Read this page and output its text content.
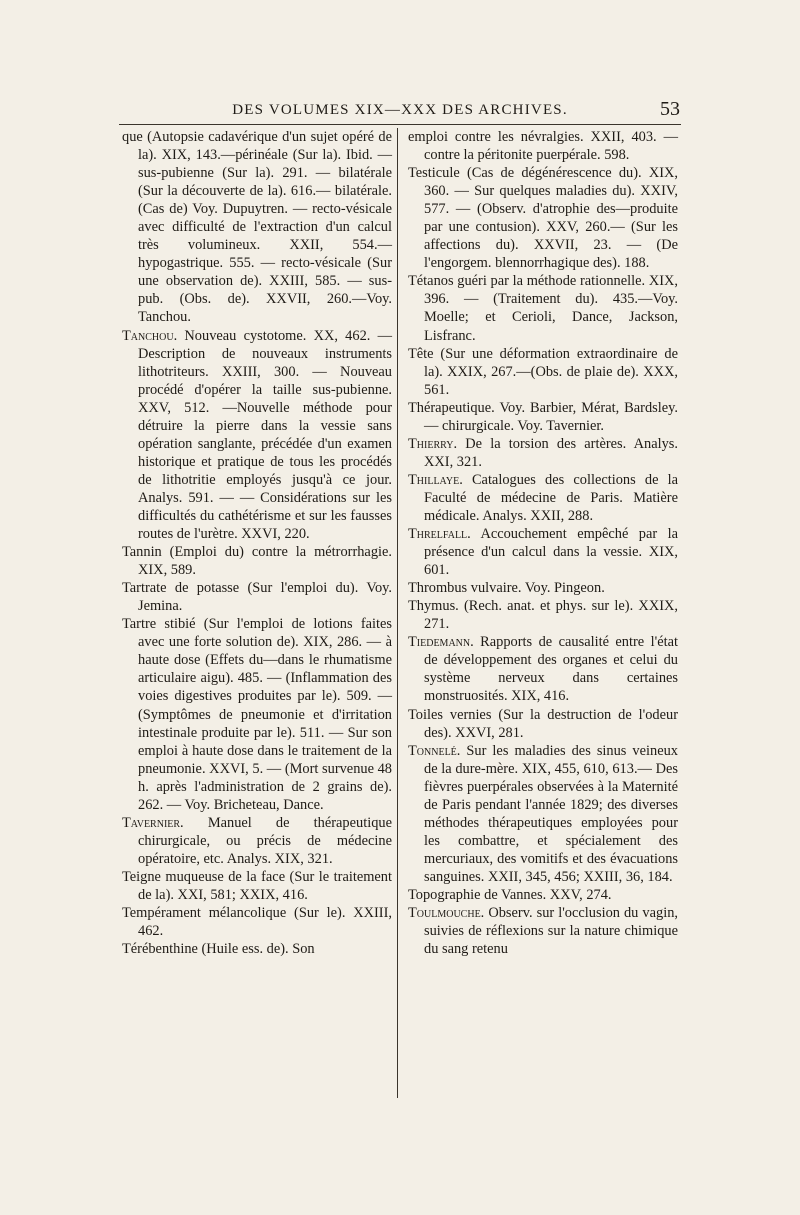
DES VOLUMES XIX—XXX DES ARCHIVES.	53

que (Autopsie cadavérique d'un sujet opéré de la). XIX, 143.—périnéale (Sur la). Ibid. — sus-pubienne (Sur la). 291. — bilatérale (Sur la découverte de la). 616.— bilatérale. (Cas de) Voy. Dupuytren. — recto-vésicale avec difficulté de l'extraction d'un calcul très volumineux. XXII, 554.— hypogastrique. 555. — recto-vésicale (Sur une observation de). XXIII, 585. — sus-pub. (Obs. de). XXVII, 260.—Voy. Tanchou.

Tanchou. Nouveau cystotome. XX, 462. — Description de nouveaux instruments lithotriteurs. XXIII, 300. — Nouveau procédé d'opérer la taille sus-pubienne. XXV, 512. —Nouvelle méthode pour détruire la pierre dans la vessie sans opération sanglante, précédée d'un examen historique et pratique de tous les procédés de lithotritie employés jusqu'à ce jour. Analys. 591. — — Considérations sur les difficultés du cathétérisme et sur les fausses routes de l'urètre. XXVI, 220.

Tannin (Emploi du) contre la métrorrhagie. XIX, 589.

Tartrate de potasse (Sur l'emploi du). Voy. Jemina.

Tartre stibié (Sur l'emploi de lotions faites avec une forte solution de). XIX, 286. — à haute dose (Effets du—dans le rhumatisme articulaire aigu). 485. — (Inflammation des voies digestives produites par le). 509. — (Symptômes de pneumonie et d'irritation intestinale produite par le). 511. — Sur son emploi à haute dose dans le traitement de la pneumonie. XXVI, 5. — (Mort survenue 48 h. après l'administration de 2 grains de). 262. — Voy. Bricheteau, Dance.

Tavernier. Manuel de thérapeutique chirurgicale, ou précis de médecine opératoire, etc. Analys. XIX, 321.

Teigne muqueuse de la face (Sur le traitement de la). XXI, 581; XXIX, 416.

Tempérament mélancolique (Sur le). XXIII, 462.

Térébenthine (Huile ess. de). Son

emploi contre les névralgies. XXII, 403. — contre la péritonite puerpérale. 598.

Testicule (Cas de dégénérescence du). XIX, 360. — Sur quelques maladies du). XXIV, 577. — (Observ. d'atrophie des—produite par une contusion). XXV, 260.— (Sur les affections du). XXVII, 23. — (De l'engorgem. blennorrhagique des). 188.

Tétanos guéri par la méthode rationnelle. XIX, 396. — (Traitement du). 435.—Voy. Moelle; et Cerioli, Dance, Jackson, Lisfranc.

Tête (Sur une déformation extraordinaire de la). XXIX, 267.—(Obs. de plaie de). XXX, 561.

Thérapeutique. Voy. Barbier, Mérat, Bardsley. — chirurgicale. Voy. Tavernier.

Thierry. De la torsion des artères. Analys. XXI, 321.

Thillaye. Catalogues des collections de la Faculté de médecine de Paris. Matière médicale. Analys. XXII, 288.

Threlfall. Accouchement empêché par la présence d'un calcul dans la vessie. XIX, 601.

Thrombus vulvaire. Voy. Pingeon.

Thymus. (Rech. anat. et phys. sur le). XXIX, 271.

Tiedemann. Rapports de causalité entre l'état de développement des organes et celui du système nerveux dans certaines monstruosités. XIX, 416.

Toiles vernies (Sur la destruction de l'odeur des). XXVI, 281.

Tonnelé. Sur les maladies des sinus veineux de la dure-mère. XIX, 455, 610, 613.— Des fièvres puerpérales observées à la Maternité de Paris pendant l'année 1829; des diverses méthodes thérapeutiques employées pour les combattre, et spécialement des mercuriaux, des vomitifs et des évacuations sanguines. XXII, 345, 456; XXIII, 36, 184.

Topographie de Vannes. XXV, 274.

Toulmouche. Observ. sur l'occlusion du vagin, suivies de réflexions sur la nature chimique du sang retenu
